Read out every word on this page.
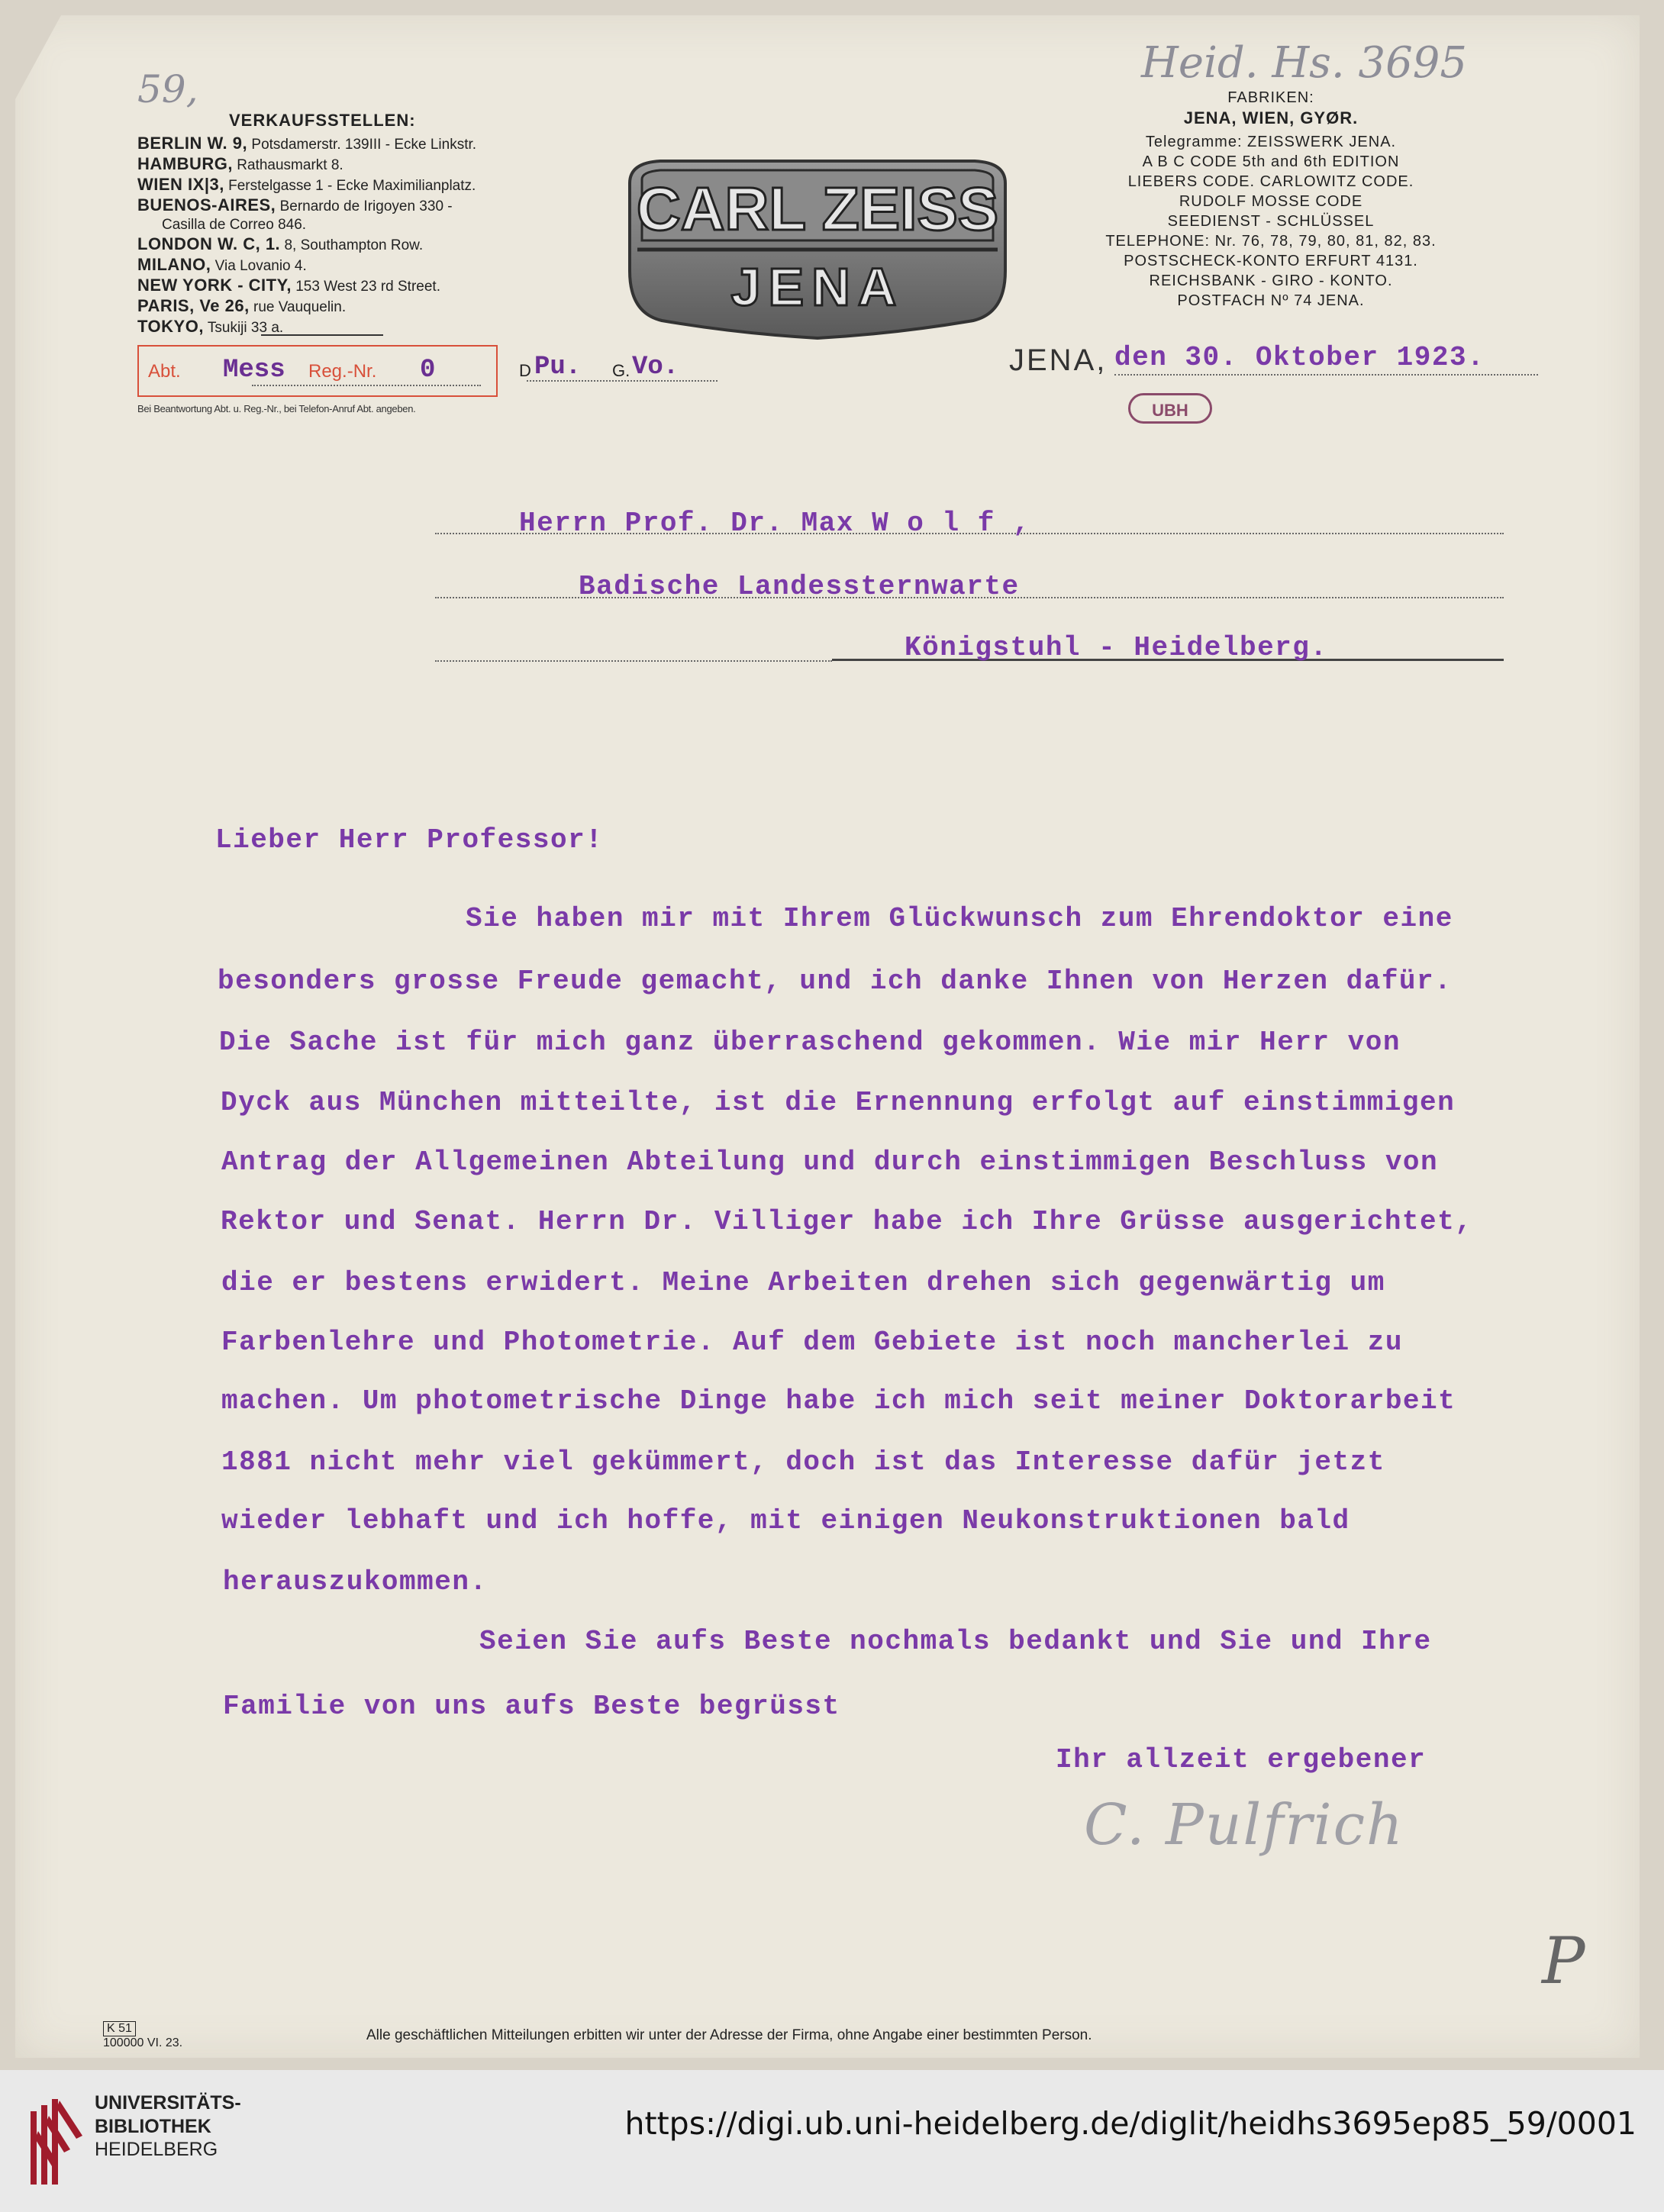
59,
Heid. Hs. 3695
VERKAUFSSTELLEN:
BERLIN W. 9, Potsdamerstr. 139III - Ecke Linkstr.
HAMBURG, Rathausmarkt 8.
WIEN IX|3, Ferstelgasse 1 - Ecke Maximilianplatz.
BUENOS-AIRES, Bernardo de Irigoyen 330 -
Casilla de Correo 846.
LONDON W. C, 1. 8, Southampton Row.
MILANO, Via Lovanio 4.
NEW YORK - CITY, 153 West 23 rd Street.
PARIS, Ve 26, rue Vauquelin.
TOKYO, Tsukiji 33 a.
CARL ZEISS
JENA
FABRIKEN:
JENA, WIEN, GYØR.
Telegramme: ZEISSWERK JENA.
A B C CODE 5th and 6th EDITION
LIEBERS CODE. CARLOWITZ CODE.
RUDOLF MOSSE CODE
SEEDIENST - SCHLÜSSEL
TELEPHONE: Nr. 76, 78, 79, 80, 81, 82, 83.
POSTSCHECK-KONTO ERFURT 4131.
REICHSBANK - GIRO - KONTO.
POSTFACH Nº 74 JENA.
Abt. Mess Reg.-Nr. 0	D Pu. G. Vo.
Bei Beantwortung Abt. u. Reg.-Nr., bei Telefon-Anruf Abt. angeben.
JENA, den 30. Oktober 1923.
UBH
Herrn Prof. Dr. Max W o l f ,
Badische Landessternwarte
Königstuhl - Heidelberg.
Lieber Herr Professor!
Sie haben mir mit Ihrem Glückwunsch zum Ehrendoktor eine
besonders grosse Freude gemacht, und ich danke Ihnen von Herzen dafür.
Die Sache ist für mich ganz überraschend gekommen. Wie mir Herr von
Dyck aus München mitteilte, ist die Ernennung erfolgt auf einstimmigen
Antrag der Allgemeinen Abteilung und durch einstimmigen Beschluss von
Rektor und Senat. Herrn Dr. Villiger habe ich Ihre Grüsse ausgerichtet,
die er bestens erwidert. Meine Arbeiten drehen sich gegenwärtig um
Farbenlehre und Photometrie. Auf dem Gebiete ist noch mancherlei zu
machen. Um photometrische Dinge habe ich mich seit meiner Doktorarbeit
1881 nicht mehr viel gekümmert, doch ist das Interesse dafür jetzt
wieder lebhaft und ich hoffe, mit einigen Neukonstruktionen bald
herauszukommen.
Seien Sie aufs Beste nochmals bedankt und Sie und Ihre
Familie von uns aufs Beste begrüsst
Ihr allzeit ergebener
C. Pulfrich
P
K 51
100000 VI. 23.	Alle geschäftlichen Mitteilungen erbitten wir unter der Adresse der Firma, ohne Angabe einer bestimmten Person.
UNIVERSITÄTS-
BIBLIOTHEK
HEIDELBERG
https://digi.ub.uni-heidelberg.de/diglit/heidhs3695ep85_59/0001
